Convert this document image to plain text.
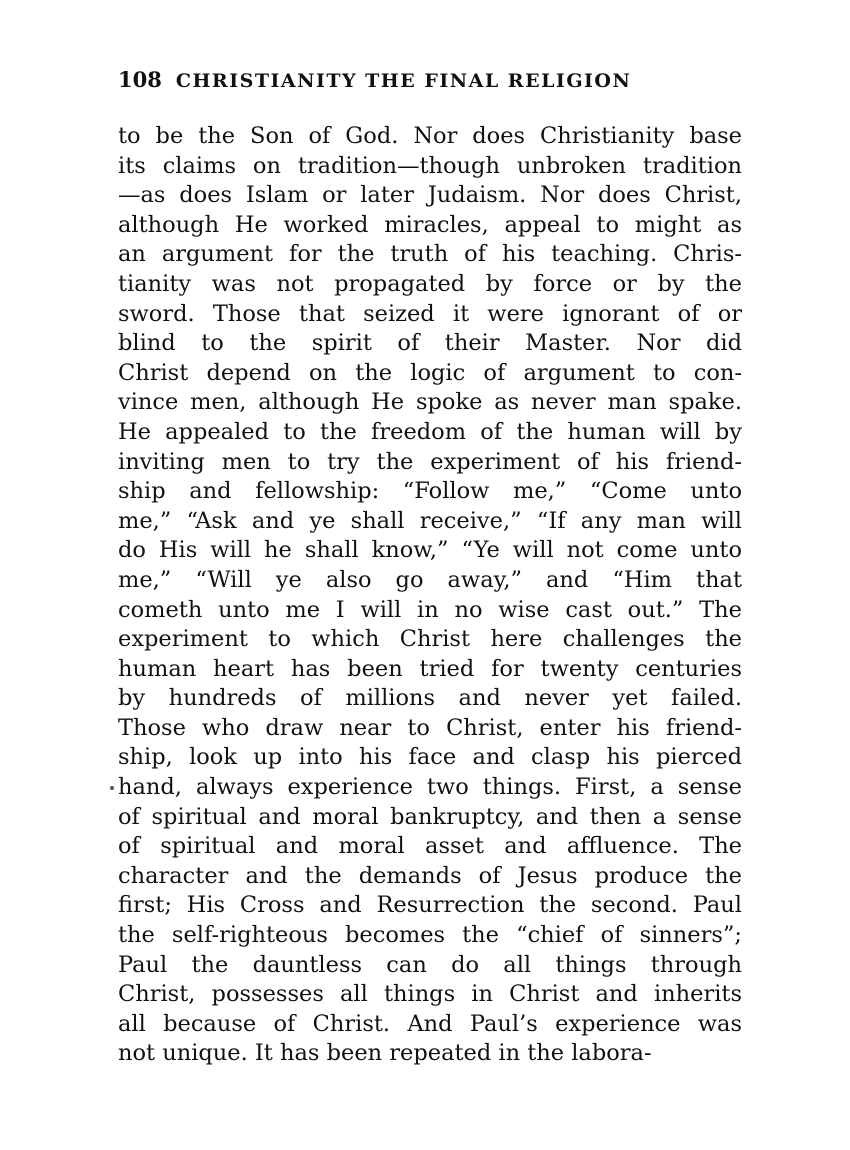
108 CHRISTIANITY THE FINAL RELIGION
to be the Son of God. Nor does Christianity base
its claims on tradition—though unbroken tradition
—as does Islam or later Judaism. Nor does Christ,
although He worked miracles, appeal to might as
an argument for the truth of his teaching. Chris-
tianity was not propagated by force or by the
sword. Those that seized it were ignorant of or
blind to the spirit of their Master. Nor did
Christ depend on the logic of argument to con-
vince men, although He spoke as never man spake.
He appealed to the freedom of the human will by
inviting men to try the experiment of his friend-
ship and fellowship: “Follow me,” “Come unto
me,” “Ask and ye shall receive,” “If any man will
do His will he shall know,” “Ye will not come unto
me,” “Will ye also go away,” and “Him that
cometh unto me I will in no wise cast out.” The
experiment to which Christ here challenges the
human heart has been tried for twenty centuries
by hundreds of millions and never yet failed.
Those who draw near to Christ, enter his friend-
ship, look up into his face and clasp his pierced
hand, always experience two things. First, a sense
of spiritual and moral bankruptcy, and then a sense
of spiritual and moral asset and affluence. The
character and the demands of Jesus produce the
first; His Cross and Resurrection the second. Paul
the self-righteous becomes the “chief of sinners”;
Paul the dauntless can do all things through
Christ, possesses all things in Christ and inherits
all because of Christ. And Paul’s experience was
not unique. It has been repeated in the labora-
